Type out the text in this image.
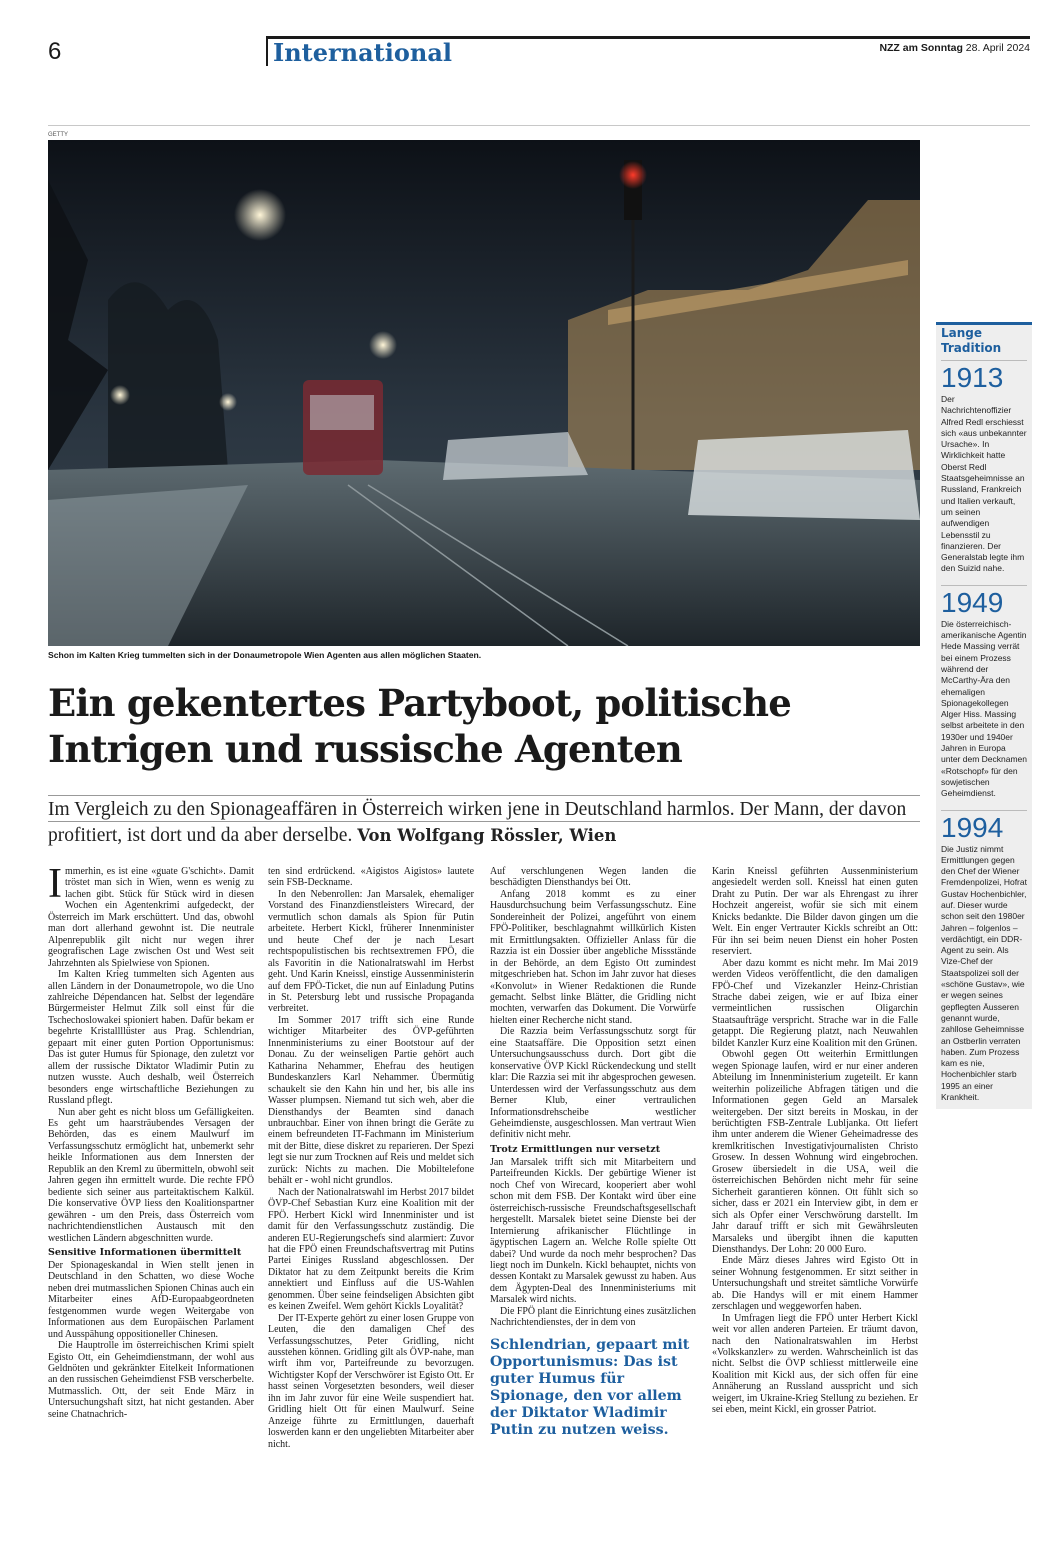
6	International	NZZ am Sonntag 28. April 2024
GETTY
Schon im Kalten Krieg tummelten sich in der Donaumetropole Wien Agenten aus allen möglichen Staaten.
Ein gekentertes Partyboot, politische
Intrigen und russische Agenten

Im Vergleich zu den Spionageaffären in Österreich wirken jene in Deutschland harmlos. Der Mann, der davon profitiert, ist dort und da aber derselbe. Von Wolfgang Rössler, Wien

Immerhin, es ist eine «guate G'schicht». Damit tröstet man sich in Wien, wenn es wenig zu lachen gibt. Stück für Stück wird in diesen Wochen ein Agentenkrimi aufgedeckt, der Österreich im Mark erschüttert. Und das, obwohl man dort allerhand gewohnt ist. Die neutrale Alpenrepublik gilt nicht nur wegen ihrer geografischen Lage zwischen Ost und West seit Jahrzehnten als Spielwiese von Spionen.

Im Kalten Krieg tummelten sich Agenten aus allen Ländern in der Donaumetropole, wo die Uno zahlreiche Dépendancen hat. Selbst der legendäre Bürgermeister Helmut Zilk soll einst für die Tschechoslowakei spioniert haben. Dafür bekam er begehrte Kristallllüster aus Prag. Schlendrian, gepaart mit einer guten Portion Opportunismus: Das ist guter Humus für Spionage, den zuletzt vor allem der russische Diktator Wladimir Putin zu nutzen wusste. Auch deshalb, weil Österreich besonders enge wirtschaftliche Beziehungen zu Russland pflegt.

Nun aber geht es nicht bloss um Gefälligkeiten. Es geht um haarsträubendes Versagen der Behörden, das es einem Maulwurf im Verfassungsschutz ermöglicht hat, unbemerkt sehr heikle Informationen aus dem Innersten der Republik an den Kreml zu übermitteln, obwohl seit Jahren gegen ihn ermittelt wurde. Die rechte FPÖ bediente sich seiner aus parteitaktischem Kalkül. Die konservative ÖVP liess den Koalitionspartner gewähren - um den Preis, dass Österreich vom nachrichtendienstlichen Austausch mit den westlichen Ländern abgeschnitten wurde.

Sensitive Informationen übermittelt

Der Spionageskandal in Wien stellt jenen in Deutschland in den Schatten, wo diese Woche neben drei mutmasslichen Spionen Chinas auch ein Mitarbeiter eines AfD-Europaabgeordneten festgenommen wurde wegen Weitergabe von Informationen aus dem Europäischen Parlament und Ausspähung oppositioneller Chinesen.

Die Hauptrolle im österreichischen Krimi spielt Egisto Ott, ein Geheimdienstmann, der wohl aus Geldnöten und gekränkter Eitelkeit Informationen an den russischen Geheimdienst FSB verscherbelte. Mutmasslich. Ott, der seit Ende März in Untersuchungshaft sitzt, hat nicht gestanden. Aber seine Chatnachrich-

ten sind erdrückend. «Aigistos Aigistos» lautete sein FSB-Deckname.

In den Nebenrollen: Jan Marsalek, ehemaliger Vorstand des Finanzdienstleisters Wirecard, der vermutlich schon damals als Spion für Putin arbeitete. Herbert Kickl, früherer Innenminister und heute Chef der je nach Lesart rechtspopulistischen bis rechtsextremen FPÖ, die als Favoritin in die Nationalratswahl im Herbst geht. Und Karin Kneissl, einstige Aussenministerin auf dem FPÖ-Ticket, die nun auf Einladung Putins in St. Petersburg lebt und russische Propaganda verbreitet.

Im Sommer 2017 trifft sich eine Runde wichtiger Mitarbeiter des ÖVP-geführten Innenministeriums zu einer Bootstour auf der Donau. Zu der weinseligen Partie gehört auch Katharina Nehammer, Ehefrau des heutigen Bundeskanzlers Karl Nehammer. Übermütig schaukelt sie den Kahn hin und her, bis alle ins Wasser plumpsen. Niemand tut sich weh, aber die Diensthandys der Beamten sind danach unbrauchbar. Einer von ihnen bringt die Geräte zu einem befreundeten IT-Fachmann im Ministerium mit der Bitte, diese diskret zu reparieren. Der Spezi legt sie nur zum Trocknen auf Reis und meldet sich zurück: Nichts zu machen. Die Mobiltelefone behält er - wohl nicht grundlos.

Nach der Nationalratswahl im Herbst 2017 bildet ÖVP-Chef Sebastian Kurz eine Koalition mit der FPÖ. Herbert Kickl wird Innenminister und ist damit für den Verfassungsschutz zuständig. Die anderen EU-Regierungschefs sind alarmiert: Zuvor hat die FPÖ einen Freundschaftsvertrag mit Putins Partei Einiges Russland abgeschlossen. Der Diktator hat zu dem Zeitpunkt bereits die Krim annektiert und Einfluss auf die US-Wahlen genommen. Über seine feindseligen Absichten gibt es keinen Zweifel. Wem gehört Kickls Loyalität?

Der IT-Experte gehört zu einer losen Gruppe von Leuten, die den damaligen Chef des Verfassungsschutzes, Peter Gridling, nicht ausstehen können. Gridling gilt als ÖVP-nahe, man wirft ihm vor, Parteifreunde zu bevorzugen. Wichtigster Kopf der Verschwörer ist Egisto Ott. Er hasst seinen Vorgesetzten besonders, weil dieser ihn im Jahr zuvor für eine Weile suspendiert hat. Gridling hielt Ott für einen Maulwurf. Seine Anzeige führte zu Ermittlungen, dauerhaft loswerden kann er den ungeliebten Mitarbeiter aber nicht.

Auf verschlungenen Wegen landen die beschädigten Diensthandys bei Ott.

Anfang 2018 kommt es zu einer Hausdurchsuchung beim Verfassungsschutz. Eine Sondereinheit der Polizei, angeführt von einem FPÖ-Politiker, beschlagnahmt willkürlich Kisten mit Ermittlungsakten. Offizieller Anlass für die Razzia ist ein Dossier über angebliche Missstände in der Behörde, an dem Egisto Ott zumindest mitgeschrieben hat. Schon im Jahr zuvor hat dieses «Konvolut» in Wiener Redaktionen die Runde gemacht. Selbst linke Blätter, die Gridling nicht mochten, verwarfen das Dokument. Die Vorwürfe hielten einer Recherche nicht stand.

Die Razzia beim Verfassungsschutz sorgt für eine Staatsaffäre. Die Opposition setzt einen Untersuchungsausschuss durch. Dort gibt die konservative ÖVP Kickl Rückendeckung und stellt klar: Die Razzia sei mit ihr abgesprochen gewesen. Unterdessen wird der Verfassungsschutz aus dem Berner Klub, einer vertraulichen Informationsdrehscheibe westlicher Geheimdienste, ausgeschlossen. Man vertraut Wien definitiv nicht mehr.

Trotz Ermittlungen nur versetzt

Jan Marsalek trifft sich mit Mitarbeitern und Parteifreunden Kickls. Der gebürtige Wiener ist noch Chef von Wirecard, kooperiert aber wohl schon mit dem FSB. Der Kontakt wird über eine österreichisch-russische Freundschaftsgesellschaft hergestellt. Marsalek bietet seine Dienste bei der Internierung afrikanischer Flüchtlinge in ägyptischen Lagern an. Welche Rolle spielte Ott dabei? Und wurde da noch mehr besprochen? Das liegt noch im Dunkeln. Kickl behauptet, nichts von dessen Kontakt zu Marsalek gewusst zu haben. Aus dem Ägypten-Deal des Innenministeriums mit Marsalek wird nichts.

Die FPÖ plant die Einrichtung eines zusätzlichen Nachrichtendienstes, der in dem von

Schlendrian, gepaart mit Opportunismus: Das ist guter Humus für Spionage, den vor allem der Diktator Wladimir Putin zu nutzen weiss.

Karin Kneissl geführten Aussenministerium angesiedelt werden soll. Kneissl hat einen guten Draht zu Putin. Der war als Ehrengast zu ihrer Hochzeit angereist, wofür sie sich mit einem Knicks bedankte. Die Bilder davon gingen um die Welt. Ein enger Vertrauter Kickls schreibt an Ott: Für ihn sei beim neuen Dienst ein hoher Posten reserviert.

Aber dazu kommt es nicht mehr. Im Mai 2019 werden Videos veröffentlicht, die den damaligen FPÖ-Chef und Vizekanzler Heinz-Christian Strache dabei zeigen, wie er auf Ibiza einer vermeintlichen russischen Oligarchin Staatsaufträge verspricht. Strache war in die Falle getappt. Die Regierung platzt, nach Neuwahlen bildet Kanzler Kurz eine Koalition mit den Grünen.

Obwohl gegen Ott weiterhin Ermittlungen wegen Spionage laufen, wird er nur einer anderen Abteilung im Innenministerium zugeteilt. Er kann weiterhin polizeiliche Abfragen tätigen und die Informationen gegen Geld an Marsalek weitergeben. Der sitzt bereits in Moskau, in der berüchtigten FSB-Zentrale Lubljanka. Ott liefert ihm unter anderem die Wiener Geheimadresse des kremlkritischen Investigativjournalisten Christo Grosew. In dessen Wohnung wird eingebrochen. Grosew übersiedelt in die USA, weil die österreichischen Behörden nicht mehr für seine Sicherheit garantieren können. Ott fühlt sich so sicher, dass er 2021 ein Interview gibt, in dem er sich als Opfer einer Verschwörung darstellt. Im Jahr darauf trifft er sich mit Gewährsleuten Marsaleks und übergibt ihnen die kaputten Diensthandys. Der Lohn: 20 000 Euro.

Ende März dieses Jahres wird Egisto Ott in seiner Wohnung festgenommen. Er sitzt seither in Untersuchungshaft und streitet sämtliche Vorwürfe ab. Die Handys will er mit einem Hammer zerschlagen und weggeworfen haben.

In Umfragen liegt die FPÖ unter Herbert Kickl weit vor allen anderen Parteien. Er träumt davon, nach den Nationalratswahlen im Herbst «Volkskanzler» zu werden. Wahrscheinlich ist das nicht. Selbst die ÖVP schliesst mittlerweile eine Koalition mit Kickl aus, der sich offen für eine Annäherung an Russland ausspricht und sich weigert, im Ukraine-Krieg Stellung zu beziehen. Er sei eben, meint Kickl, ein grosser Patriot.

Lange
Tradition
1913
Der Nachrichtenoffizier Alfred Redl erschiesst sich «aus unbekannter Ursache». In Wirklichkeit hatte Oberst Redl Staatsgeheimnisse an Russland, Frankreich und Italien verkauft, um seinen aufwendigen Lebensstil zu finanzieren. Der Generalstab legte ihm den Suizid nahe.
1949
Die österreichisch-amerikanische Agentin Hede Massing verrät bei einem Prozess während der McCarthy-Ära den ehemaligen Spionagekollegen Alger Hiss. Massing selbst arbeitete in den 1930er und 1940er Jahren in Europa unter dem Decknamen «Rotschopf» für den sowjetischen Geheimdienst.
1994
Die Justiz nimmt Ermittlungen gegen den Chef der Wiener Fremdenpolizei, Hofrat Gustav Hochenbichler, auf. Dieser wurde schon seit den 1980er Jahren – folgenlos – verdächtigt, ein DDR-Agent zu sein. Als Vize-Chef der Staatspolizei soll der «schöne Gustav», wie er wegen seines gepflegten Äusseren genannt wurde, zahllose Geheimnisse an Ostberlin verraten haben. Zum Prozess kam es nie, Hochenbichler starb 1995 an einer Krankheit.
